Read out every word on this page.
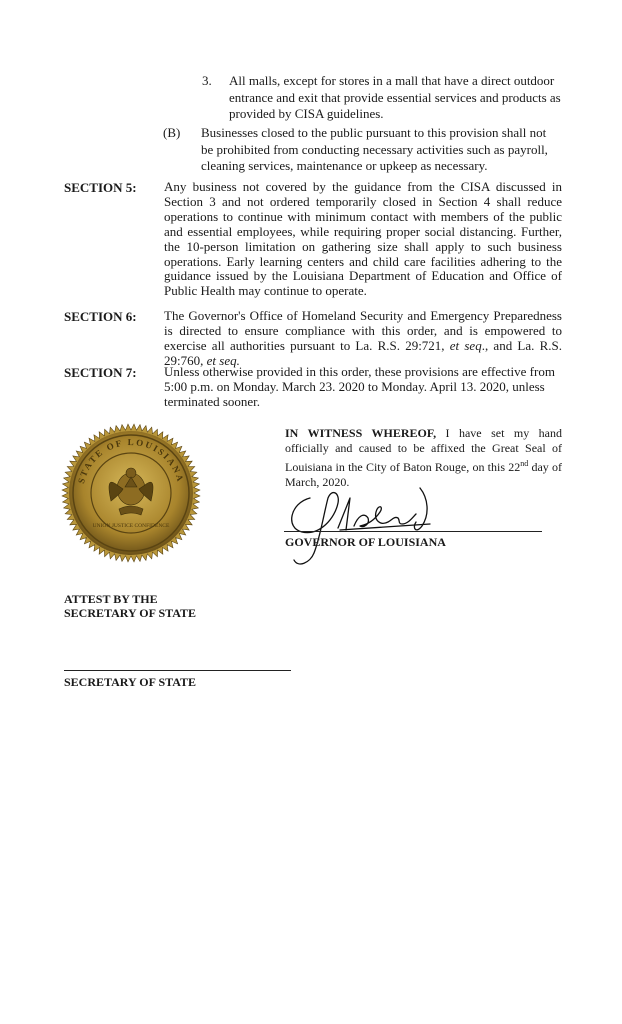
3. All malls, except for stores in a mall that have a direct outdoor entrance and exit that provide essential services and products as provided by CISA guidelines.
(B) Businesses closed to the public pursuant to this provision shall not be prohibited from conducting necessary activities such as payroll, cleaning services, maintenance or upkeep as necessary.
SECTION 5: Any business not covered by the guidance from the CISA discussed in Section 3 and not ordered temporarily closed in Section 4 shall reduce operations to continue with minimum contact with members of the public and essential employees, while requiring proper social distancing. Further, the 10-person limitation on gathering size shall apply to such business operations. Early learning centers and child care facilities adhering to the guidance issued by the Louisiana Department of Education and Office of Public Health may continue to operate.
SECTION 6: The Governor's Office of Homeland Security and Emergency Preparedness is directed to ensure compliance with this order, and is empowered to exercise all authorities pursuant to La. R.S. 29:721, et seq., and La. R.S. 29:760, et seq.
SECTION 7: Unless otherwise provided in this order, these provisions are effective from 5:00 p.m. on Monday. March 23. 2020 to Monday. April 13. 2020, unless terminated sooner.
STATE OF LOUISIANA
UNION JUSTICE CONFIDENCE
IN WITNESS WHEREOF, I have set my hand officially and caused to be affixed the Great Seal of Louisiana in the City of Baton Rouge, on this 22nd day of March, 2020.
GOVERNOR OF LOUISIANA
ATTEST BY THE
SECRETARY OF STATE
SECRETARY OF STATE
